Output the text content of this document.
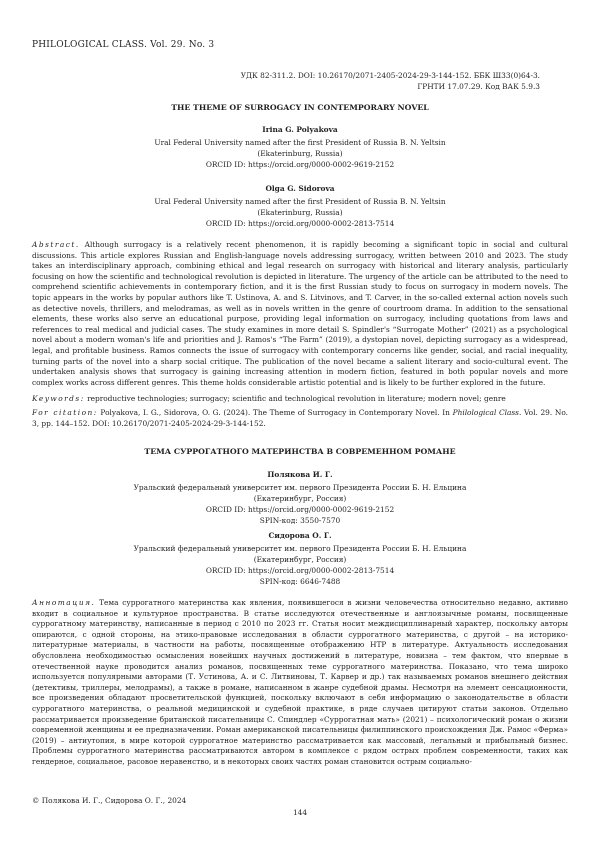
PHILOLOGICAL CLASS. Vol. 29. No. 3
УДК 82-311.2. DOI: 10.26170/2071-2405-2024-29-3-144-152. ББК Ш33(0)64-3.
ГРНТИ 17.07.29. Код ВАК 5.9.3
THE THEME OF SURROGACY IN CONTEMPORARY NOVEL
Irina G. Polyakova
Ural Federal University named after the first President of Russia B. N. Yeltsin
(Ekaterinburg, Russia)
ORCID ID: https://orcid.org/0000-0002-9619-2152
Olga G. Sidorova
Ural Federal University named after the first President of Russia B. N. Yeltsin
(Ekaterinburg, Russia)
ORCID ID: https://orcid.org/0000-0002-2813-7514
Abstract. Although surrogacy is a relatively recent phenomenon, it is rapidly becoming a significant topic in social and cultural discussions. This article explores Russian and English-language novels addressing surrogacy, written between 2010 and 2023. The study takes an interdisciplinary approach, combining ethical and legal research on surrogacy with historical and literary analysis, particularly focusing on how the scientific and technological revolution is depicted in literature. The urgency of the article can be attributed to the need to comprehend scientific achievements in contemporary fiction, and it is the first Russian study to focus on surrogacy in modern novels. The topic appears in the works by popular authors like T. Ustinova, A. and S. Litvinovs, and T. Carver, in the so-called external action novels such as detective novels, thrillers, and melodramas, as well as in novels written in the genre of courtroom drama. In addition to the sensational elements, these works also serve an educational purpose, providing legal information on surrogacy, including quotations from laws and references to real medical and judicial cases. The study examines in more detail S. Spindler's “Surrogate Mother” (2021) as a psychological novel about a modern woman's life and priorities and J. Ramos's “The Farm” (2019), a dystopian novel, depicting surrogacy as a widespread, legal, and profitable business. Ramos connects the issue of surrogacy with contemporary concerns like gender, social, and racial inequality, turning parts of the novel into a sharp social critique. The publication of the novel became a salient literary and socio-cultural event. The undertaken analysis shows that surrogacy is gaining increasing attention in modern fiction, featured in both popular novels and more complex works across different genres. This theme holds considerable artistic potential and is likely to be further explored in the future.
Keywords: reproductive technologies; surrogacy; scientific and technological revolution in literature; modern novel; genre
For citation: Polyakova, I. G., Sidorova, O. G. (2024). The Theme of Surrogacy in Contemporary Novel. In Philological Class. Vol. 29. No. 3, pp. 144–152. DOI: 10.26170/2071-2405-2024-29-3-144-152.
ТЕМА СУРРОГАТНОГО МАТЕРИНСТВА В СОВРЕМЕННОМ РОМАНЕ
Полякова И. Г.
Уральский федеральный университет им. первого Президента России Б. Н. Ельцина
(Екатеринбург, Россия)
ORCID ID: https://orcid.org/0000-0002-9619-2152
SPIN-код: 3550-7570
Сидорова О. Г.
Уральский федеральный университет им. первого Президента России Б. Н. Ельцина
(Екатеринбург, Россия)
ORCID ID: https://orcid.org/0000-0002-2813-7514
SPIN-код: 6646-7488
Аннотация. Тема суррогатного материнства как явления, появившегося в жизни человечества относительно недавно, активно входит в социальное и культурное пространства. В статье исследуются отечественные и англоязычные романы, посвященные суррогатному материнству, написанные в период с 2010 по 2023 гг. Статья носит междисциплинарный характер, поскольку авторы опираются, с одной стороны, на этико-правовые исследования в области суррогатного материнства, с другой – на историко-литературные материалы, в частности на работы, посвященные отображению НТР в литературе. Актуальность исследования обусловлена необходимостью осмысления новейших научных достижений в литературе, новизна – тем фактом, что впервые в отечественной науке проводится анализ романов, посвященных теме суррогатного материнства. Показано, что тема широко используется популярными авторами (Т. Устинова, А. и С. Литвиновы, Т. Карвер и др.) так называемых романов внешнего действия (детективы, триллеры, мелодрамы), а также в романе, написанном в жанре судебной драмы. Несмотря на элемент сенсационности, все произведения обладают просветительской функцией, поскольку включают в себя информацию о законодательстве в области суррогатного материнства, о реальной медицинской и судебной практике, в ряде случаев цитируют статьи законов. Отдельно рассматривается произведение британской писательницы С. Спиндлер «Суррогатная мать» (2021) – психологический роман о жизни современной женщины и ее предназначении. Роман американской писательницы филиппинского происхождения Дж. Рамос «Ферма» (2019) – антиутопия, в мире которой суррогатное материнство рассматривается как массовый, легальный и прибыльный бизнес. Проблемы суррогатного материнства рассматриваются автором в комплексе с рядом острых проблем современности, таких как гендерное, социальное, расовое неравенство, и в некоторых своих частях роман становится острым социально-
© Полякова И. Г., Сидорова О. Г., 2024
144
